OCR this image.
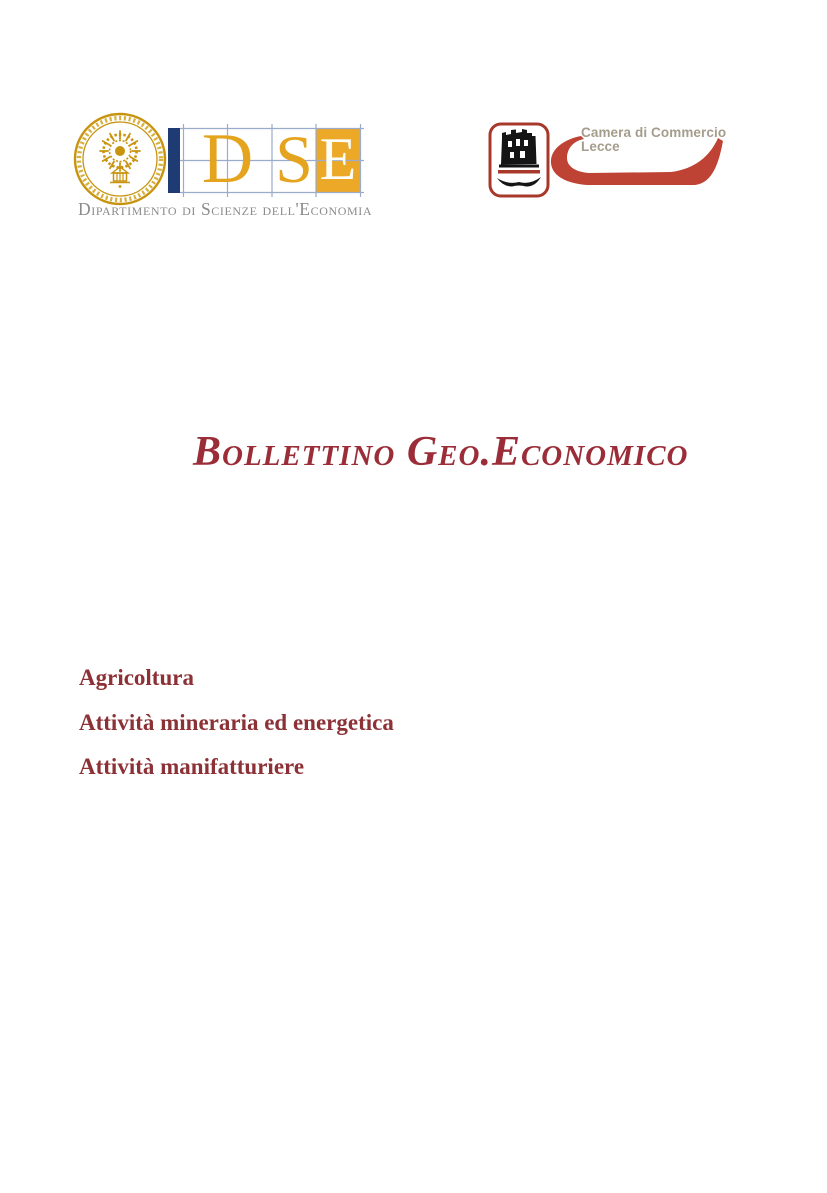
D S E
Dipartimento di Scienze dell'Economia
Camera di Commercio
Lecce
Bollettino Geo.Economico

Agricoltura

Attività mineraria ed energetica

Attività manifatturiere
